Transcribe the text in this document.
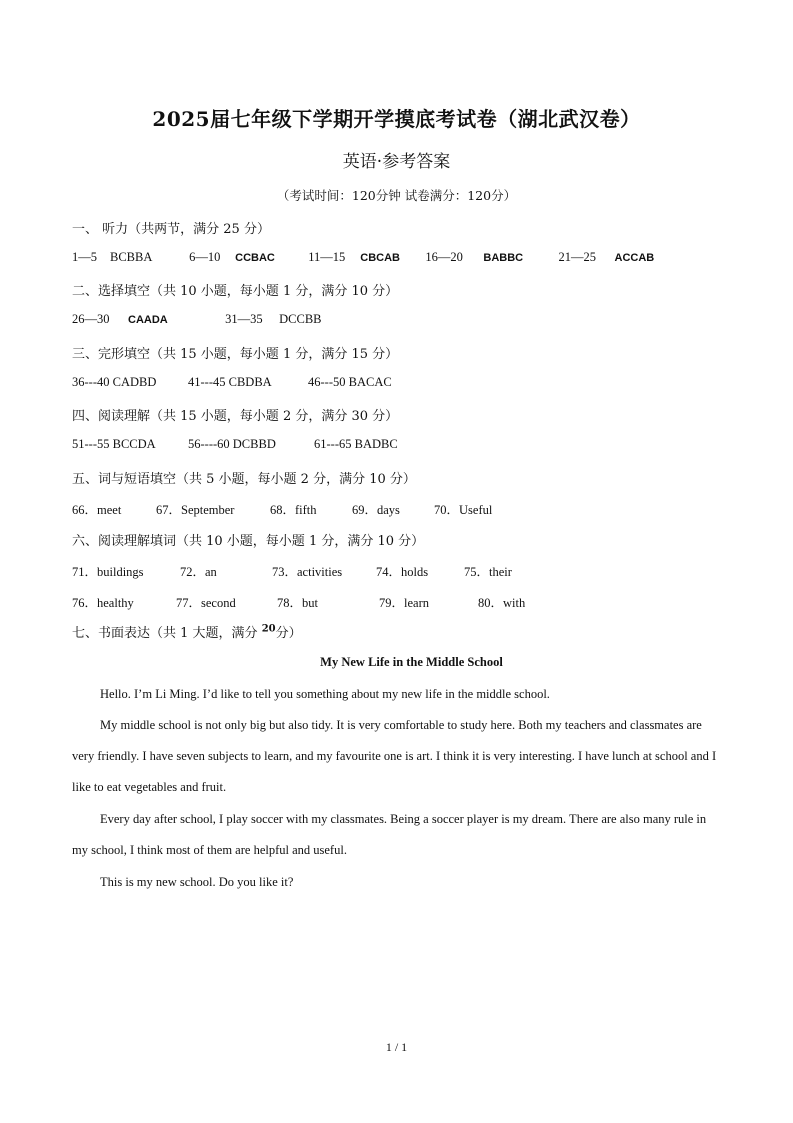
2025届七年级下学期开学摸底考试卷（湖北武汉卷）
英语·参考答案
（考试时间：120分钟 试卷满分：120分）
一、 听力（共两节，满分 25 分）
1—5 BCBBA	6—10 CCBAC	11—15 CBCAB 16—20 BABBC	21—25 ACCAB
二、选择填空（共 10 小题，每小题 1 分，满分 10 分）
26—30 CAADA	31—35 DCCBB
三、完形填空（共 15 小题，每小题 1 分，满分 15 分）
36---40 CADBD	41---45 CBDBA	46---50 BACAC
四、阅读理解（共 15 小题，每小题 2 分，满分 30 分）
51---55 BCCDA	56----60 DCBBD	61---65 BADBC
五、词与短语填空（共 5 小题，每小题 2 分，满分 10 分）
66．meet	67．September	68．fifth	69．days	70．Useful
六、阅读理解填词（共 10 小题，每小题 1 分，满分 10 分）
71．buildings	72．an	73．activities	74．holds	75．their
76．healthy	77．second	78．but	79．learn	80．with
七、书面表达（共 1 大题，满分 $^{20}$分）
My New Life in the Middle School
Hello. I’m Li Ming. I’d like to tell you something about my new life in the middle school.
My middle school is not only big but also tidy. It is very comfortable to study here. Both my teachers and classmates are very friendly. I have seven subjects to learn, and my favourite one is art. I think it is very interesting. I have lunch at school and I like to eat vegetables and fruit.
Every day after school, I play soccer with my classmates. Being a soccer player is my dream. There are also many rule in my school, I think most of them are helpful and useful.
This is my new school. Do you like it?
1 / 1
